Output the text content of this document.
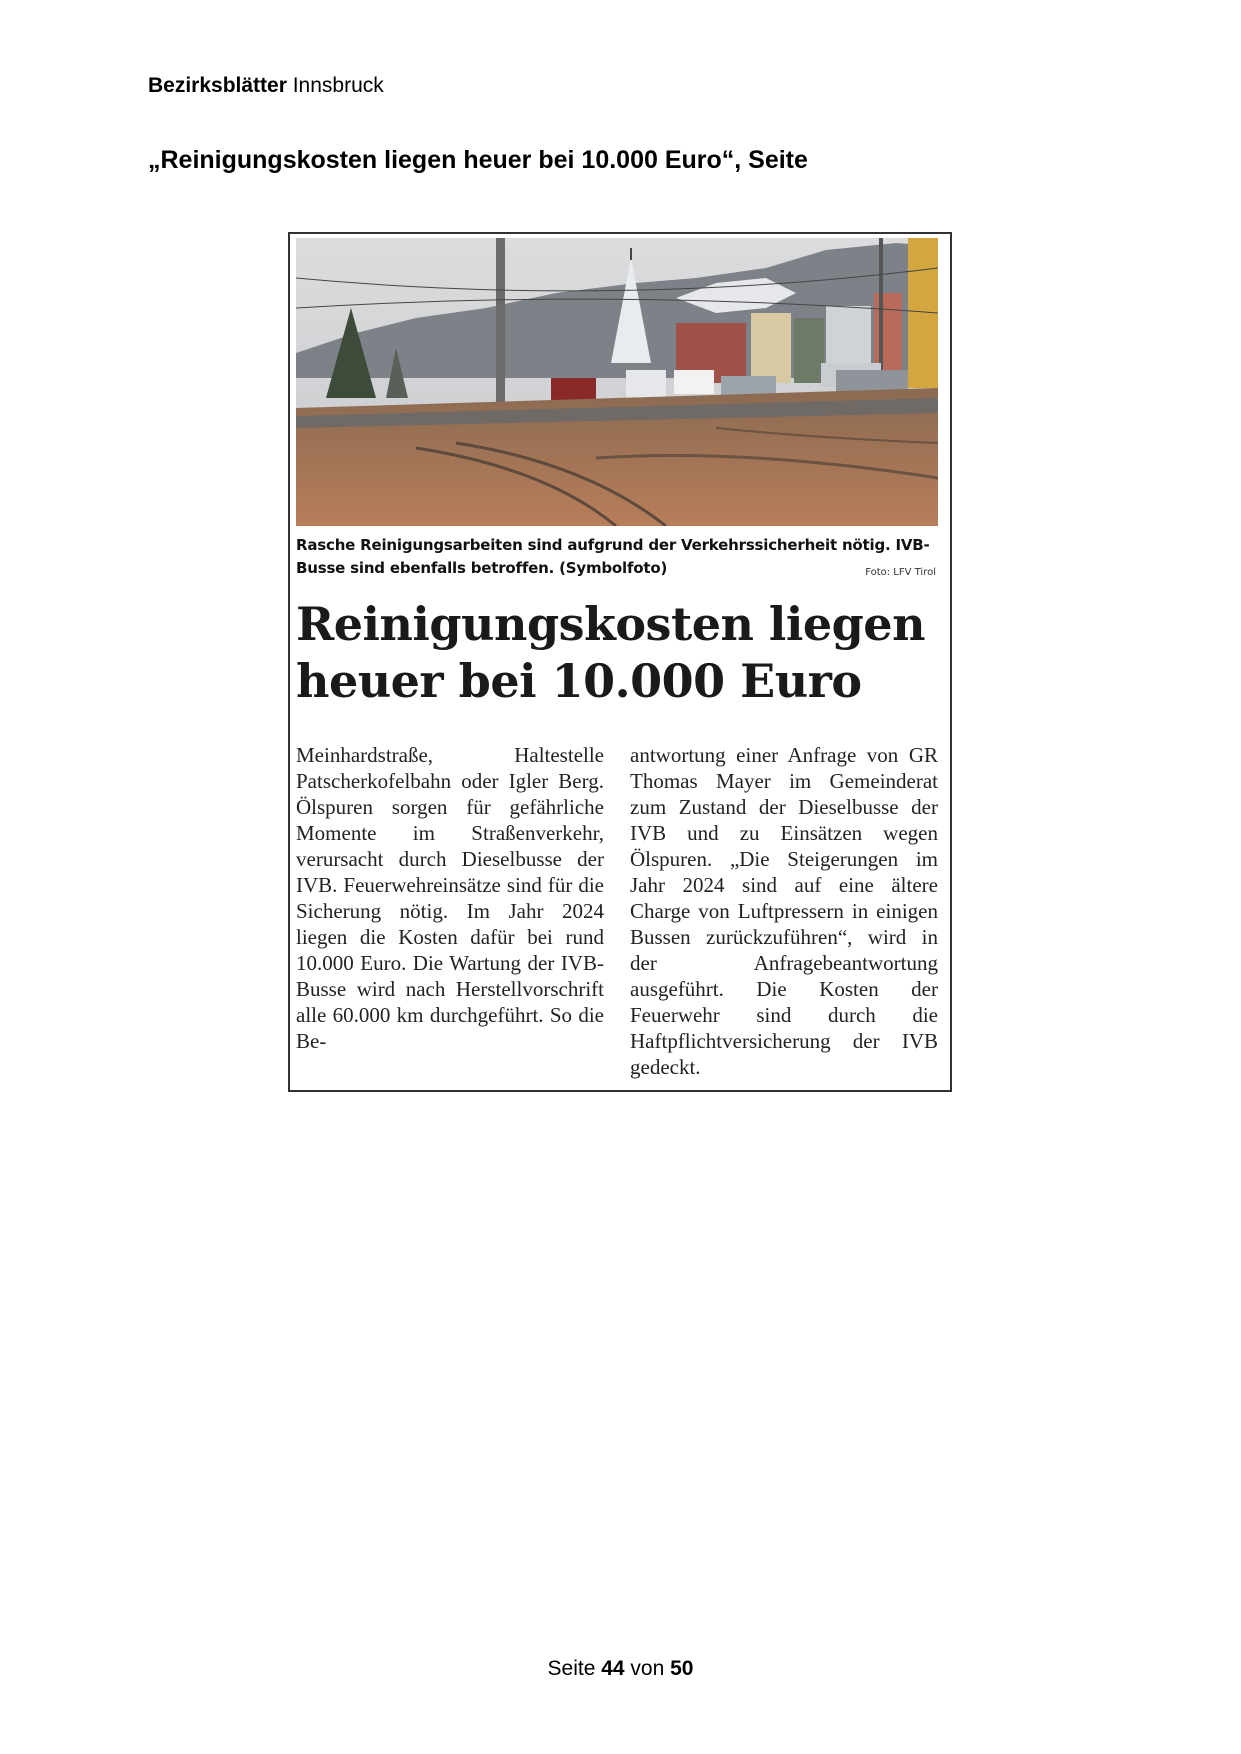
Bezirksblätter Innsbruck
„Reinigungskosten liegen heuer bei 10.000 Euro“, Seite
Rasche Reinigungsarbeiten sind aufgrund der Verkehrssicherheit nötig. IVB-Busse sind ebenfalls betroffen. (Symbolfoto)	Foto: LFV Tirol
Reinigungskosten liegen heuer bei 10.000 Euro
Meinhardstraße, Haltestelle Patscherkofelbahn oder Igler Berg. Ölspuren sorgen für gefährliche Momente im Straßenverkehr, verursacht durch Dieselbusse der IVB. Feuerwehreinsätze sind für die Sicherung nötig. Im Jahr 2024 liegen die Kosten dafür bei rund 10.000 Euro. Die Wartung der IVB-Busse wird nach Herstellvorschrift alle 60.000 km durchgeführt. So die Be-
antwortung einer Anfrage von GR Thomas Mayer im Gemeinderat zum Zustand der Dieselbusse der IVB und zu Einsätzen wegen Ölspuren. „Die Steigerungen im Jahr 2024 sind auf eine ältere Charge von Luftpressern in einigen Bussen zurückzuführen“, wird in der Anfragebeantwortung ausgeführt. Die Kosten der Feuerwehr sind durch die Haftpflichtversicherung der IVB gedeckt.
Seite 44 von 50
